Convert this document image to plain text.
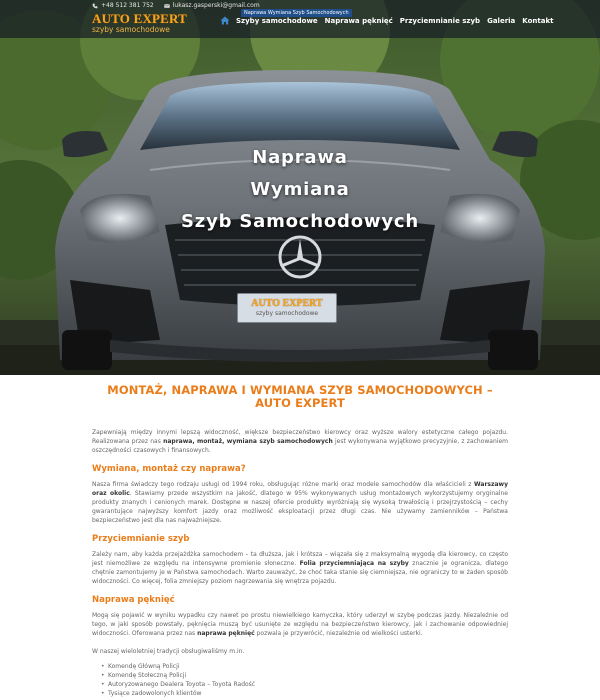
Naprawa
Wymiana
Szyb Samochodowych
AUTO EXPERT
szyby samochodowe
+48 512 381 752	lukasz.gasperski@gmail.com
Naprawa Wymiana Szyb Samochodowych
AUTO EXPERT
szyby samochodowe
Szyby samochodowe Naprawa pęknięć Przyciemnianie szyb Galeria Kontakt
MONTAŻ, NAPRAWA I WYMIANA SZYB SAMOCHODOWYCH – AUTO EXPERT

Zapewniają między innymi lepszą widoczność, większe bezpieczeństwo kierowcy oraz wyższe walory estetyczne całego pojazdu. Realizowana przez nas naprawa, montaż, wymiana szyb samochodowych jest wykonywana wyjątkowo precyzyjnie, z zachowaniem oszczędności czasowych i finansowych.

Wymiana, montaż czy naprawa?

Nasza firma świadczy tego rodzaju usługi od 1994 roku, obsługując różne marki oraz modele samochodów dla właścicieli z Warszawy oraz okolic. Stawiamy przede wszystkim na jakość, dlatego w 95% wykonywanych usług montażowych wykorzystujemy oryginalne produkty znanych i cenionych marek. Dostępne w naszej ofercie produkty wyróżniają się wysoką trwałością i przejrzystością – cechy gwarantujące najwyższy komfort jazdy oraz możliwość eksploatacji przez długi czas. Nie używamy zamienników – Państwa bezpieczeństwo jest dla nas najważniejsze.

Przyciemnianie szyb

Zależy nam, aby każda przejażdżka samochodem – ta dłuższa, jak i krótsza – wiązała się z maksymalną wygodą dla kierowcy, co często jest niemożliwe ze względu na intensywne promienie słoneczne. Folia przyciemniająca na szyby znacznie je ogranicza, dlatego chętnie zamontujemy je w Państwa samochodach. Warto zauważyć, że choć taka stanie się ciemniejsza, nie ograniczy to w żaden sposób widoczności. Co więcej, folia zmniejszy poziom nagrzewania się wnętrza pojazdu.

Naprawa pęknięć

Mogą się pojawić w wyniku wypadku czy nawet po prostu niewielkiego kamyczka, który uderzył w szybę podczas jazdy. Niezależnie od tego, w jaki sposób powstały, pęknięcia muszą być usunięte ze względu na bezpieczeństwo kierowcy, jak i zachowanie odpowiedniej widoczności. Oferowana przez nas naprawa pęknięć pozwala je przywrócić, niezależnie od wielkości usterki.

W naszej wieloletniej tradycji obsługiwaliśmy m.in.

• Komendę Główną Policji
• Komendę Stołeczną Policji
• Autoryzowanego Dealera Toyota – Toyota Radość
• Tysiące zadowolonych klientów
